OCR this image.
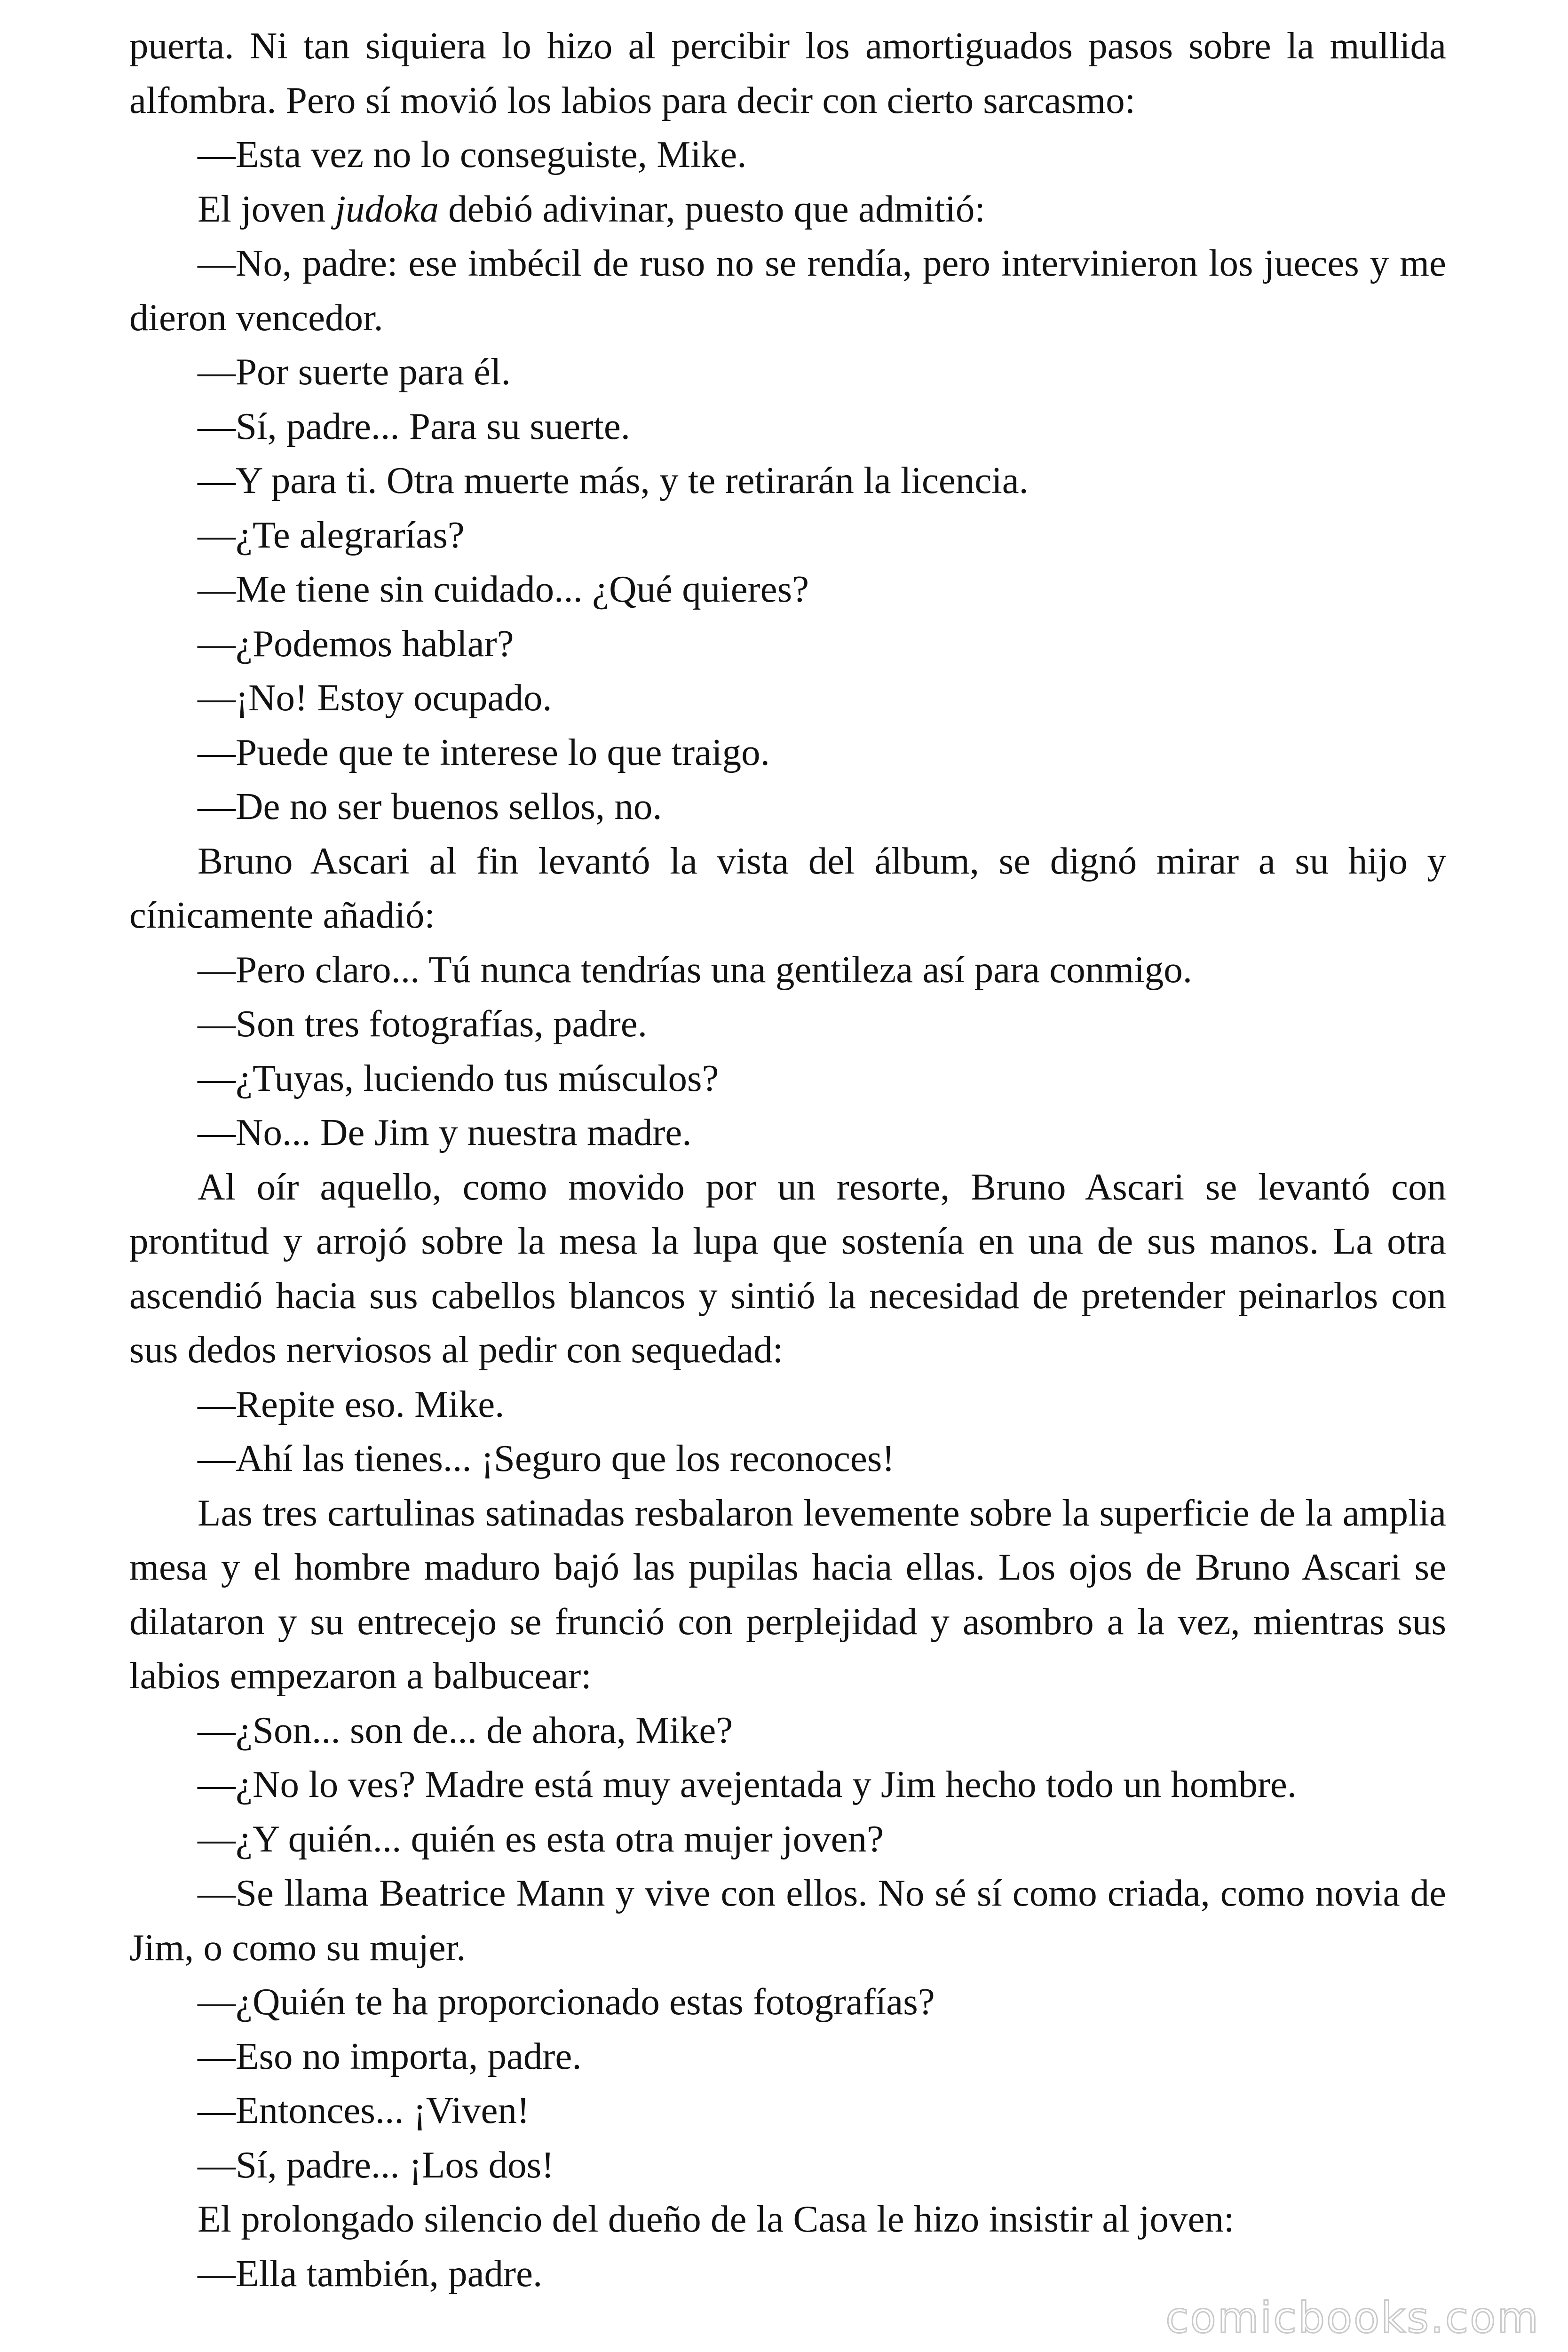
puerta. Ni tan siquiera lo hizo al percibir los amortiguados pasos sobre la mullida alfombra. Pero sí movió los labios para decir con cierto sarcasmo:

—Esta vez no lo conseguiste, Mike.

El joven judoka debió adivinar, puesto que admitió:

—No, padre: ese imbécil de ruso no se rendía, pero intervinieron los jueces y me dieron vencedor.

—Por suerte para él.

—Sí, padre... Para su suerte.

—Y para ti. Otra muerte más, y te retirarán la licencia.

—¿Te alegrarías?

—Me tiene sin cuidado... ¿Qué quieres?

—¿Podemos hablar?

—¡No! Estoy ocupado.

—Puede que te interese lo que traigo.

—De no ser buenos sellos, no.

Bruno Ascari al fin levantó la vista del álbum, se dignó mirar a su hijo y cínicamente añadió:

—Pero claro... Tú nunca tendrías una gentileza así para conmigo.

—Son tres fotografías, padre.

—¿Tuyas, luciendo tus músculos?

—No... De Jim y nuestra madre.

Al oír aquello, como movido por un resorte, Bruno Ascari se levantó con prontitud y arrojó sobre la mesa la lupa que sostenía en una de sus manos. La otra ascendió hacia sus cabellos blancos y sintió la necesidad de pretender peinarlos con sus dedos nerviosos al pedir con sequedad:

—Repite eso. Mike.

—Ahí las tienes... ¡Seguro que los reconoces!

Las tres cartulinas satinadas resbalaron levemente sobre la superficie de la amplia mesa y el hombre maduro bajó las pupilas hacia ellas. Los ojos de Bruno Ascari se dilataron y su entrecejo se frunció con perplejidad y asombro a la vez, mientras sus labios empezaron a balbucear:

—¿Son... son de... de ahora, Mike?

—¿No lo ves? Madre está muy avejentada y Jim hecho todo un hombre.

—¿Y quién... quién es esta otra mujer joven?

—Se llama Beatrice Mann y vive con ellos. No sé sí como criada, como novia de Jim, o como su mujer.

—¿Quién te ha proporcionado estas fotografías?

—Eso no importa, padre.

—Entonces... ¡Viven!

—Sí, padre... ¡Los dos!

El prolongado silencio del dueño de la Casa le hizo insistir al joven:

—Ella también, padre.

comicbooks.com
